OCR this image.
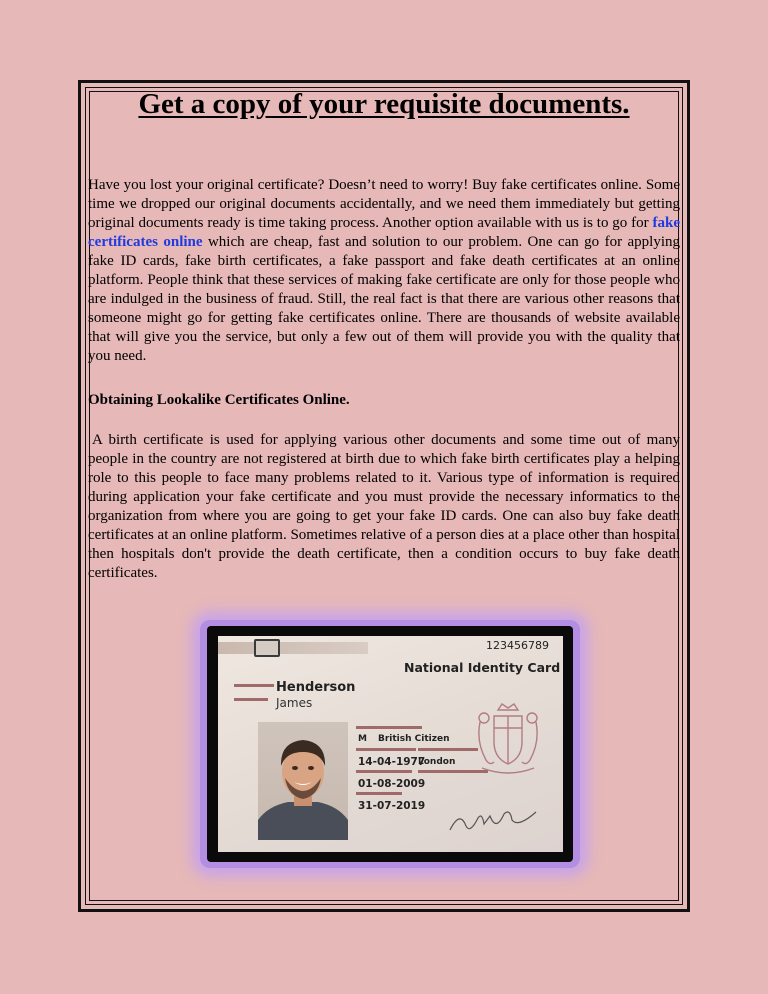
Get a copy of your requisite documents.

Have you lost your original certificate? Doesn’t need to worry! Buy fake certificates online. Some time we dropped our original documents accidentally, and we need them immediately but getting original documents ready is time taking process. Another option available with us is to go for fake certificates online which are cheap, fast and solution to our problem. One can go for applying fake ID cards, fake birth certificates, a fake passport and fake death certificates at an online platform. People think that these services of making fake certificate are only for those people who are indulged in the business of fraud. Still, the real fact is that there are various other reasons that someone might go for getting fake certificates online. There are thousands of website available that will give you the service, but only a few out of them will provide you with the quality that you need.

Obtaining Lookalike Certificates Online.

A birth certificate is used for applying various other documents and some time out of many people in the country are not registered at birth due to which fake birth certificates play a helping role to this people to face many problems related to it. Various type of information is required during application your fake certificate and you must provide the necessary informatics to the organization from where you are going to get your fake ID cards. One can also buy fake death certificates at an online platform. Sometimes relative of a person dies at a place other than hospital then hospitals don't provide the death certificate, then a condition occurs to buy fake death certificates.

123456789
National Identity Card
Henderson
James
M British Citizen
14-04-1977
London
01-08-2009
31-07-2019
